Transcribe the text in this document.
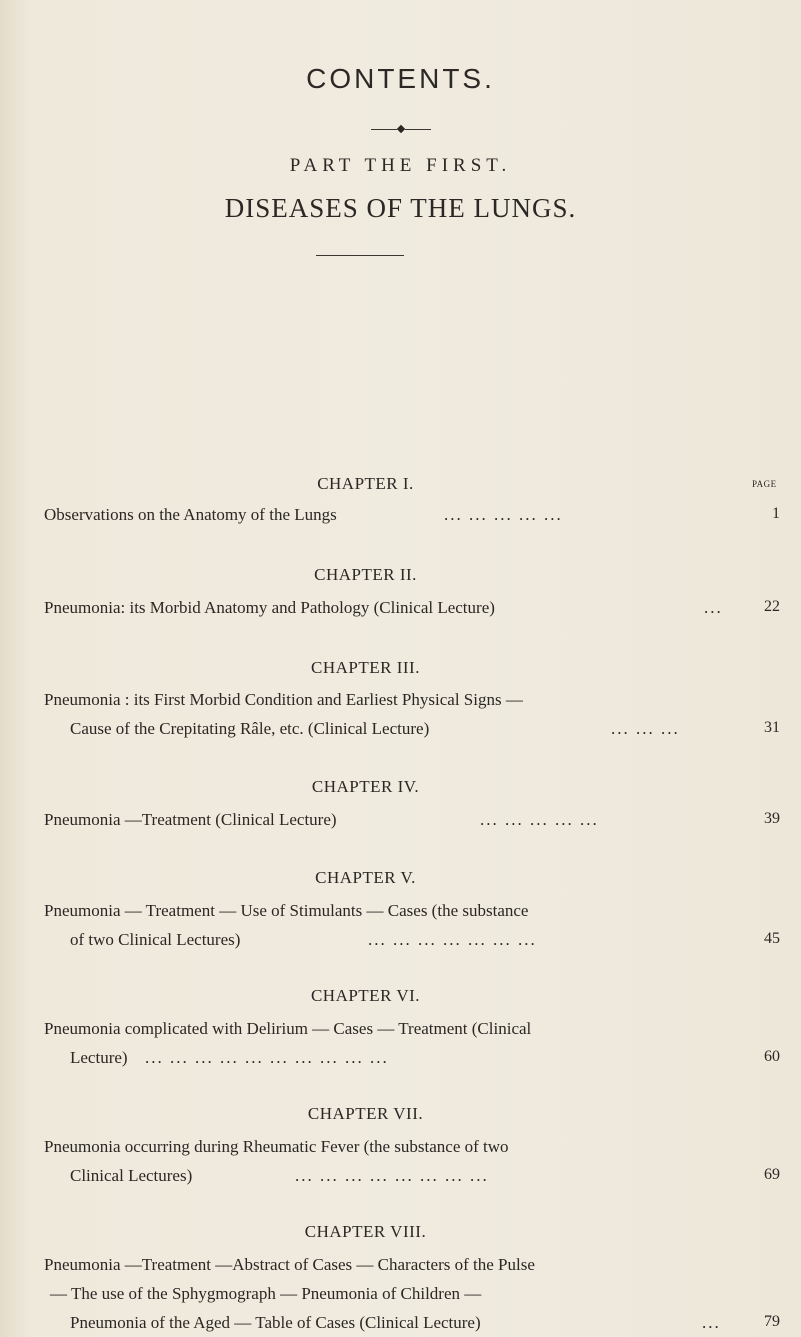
CONTENTS.
PART THE FIRST.
DISEASES OF THE LUNGS.
PAGE
CHAPTER I.
Observations on the Anatomy of the Lungs	... ... ... ... ...	1
CHAPTER II.
Pneumonia: its Morbid Anatomy and Pathology (Clinical Lecture)	...	22
CHAPTER III.
Pneumonia : its First Morbid Condition and Earliest Physical Signs —
Cause of the Crepitating Râle, etc. (Clinical Lecture)	... ... ...	31
CHAPTER IV.
Pneumonia —Treatment (Clinical Lecture)	... ... ... ... ...	39
CHAPTER V.
Pneumonia — Treatment — Use of Stimulants — Cases (the substance
of two Clinical Lectures)	... ... ... ... ... ... ...	45
CHAPTER VI.
Pneumonia complicated with Delirium — Cases — Treatment (Clinical
Lecture) ... ... ... ... ... ... ... ... ... ...	60
CHAPTER VII.
Pneumonia occurring during Rheumatic Fever (the substance of two
Clinical Lectures)	... ... ... ... ... ... ... ...	69
CHAPTER VIII.
Pneumonia —Treatment —Abstract of Cases — Characters of the Pulse
— The use of the Sphygmograph — Pneumonia of Children —
Pneumonia of the Aged — Table of Cases (Clinical Lecture)	...	79
